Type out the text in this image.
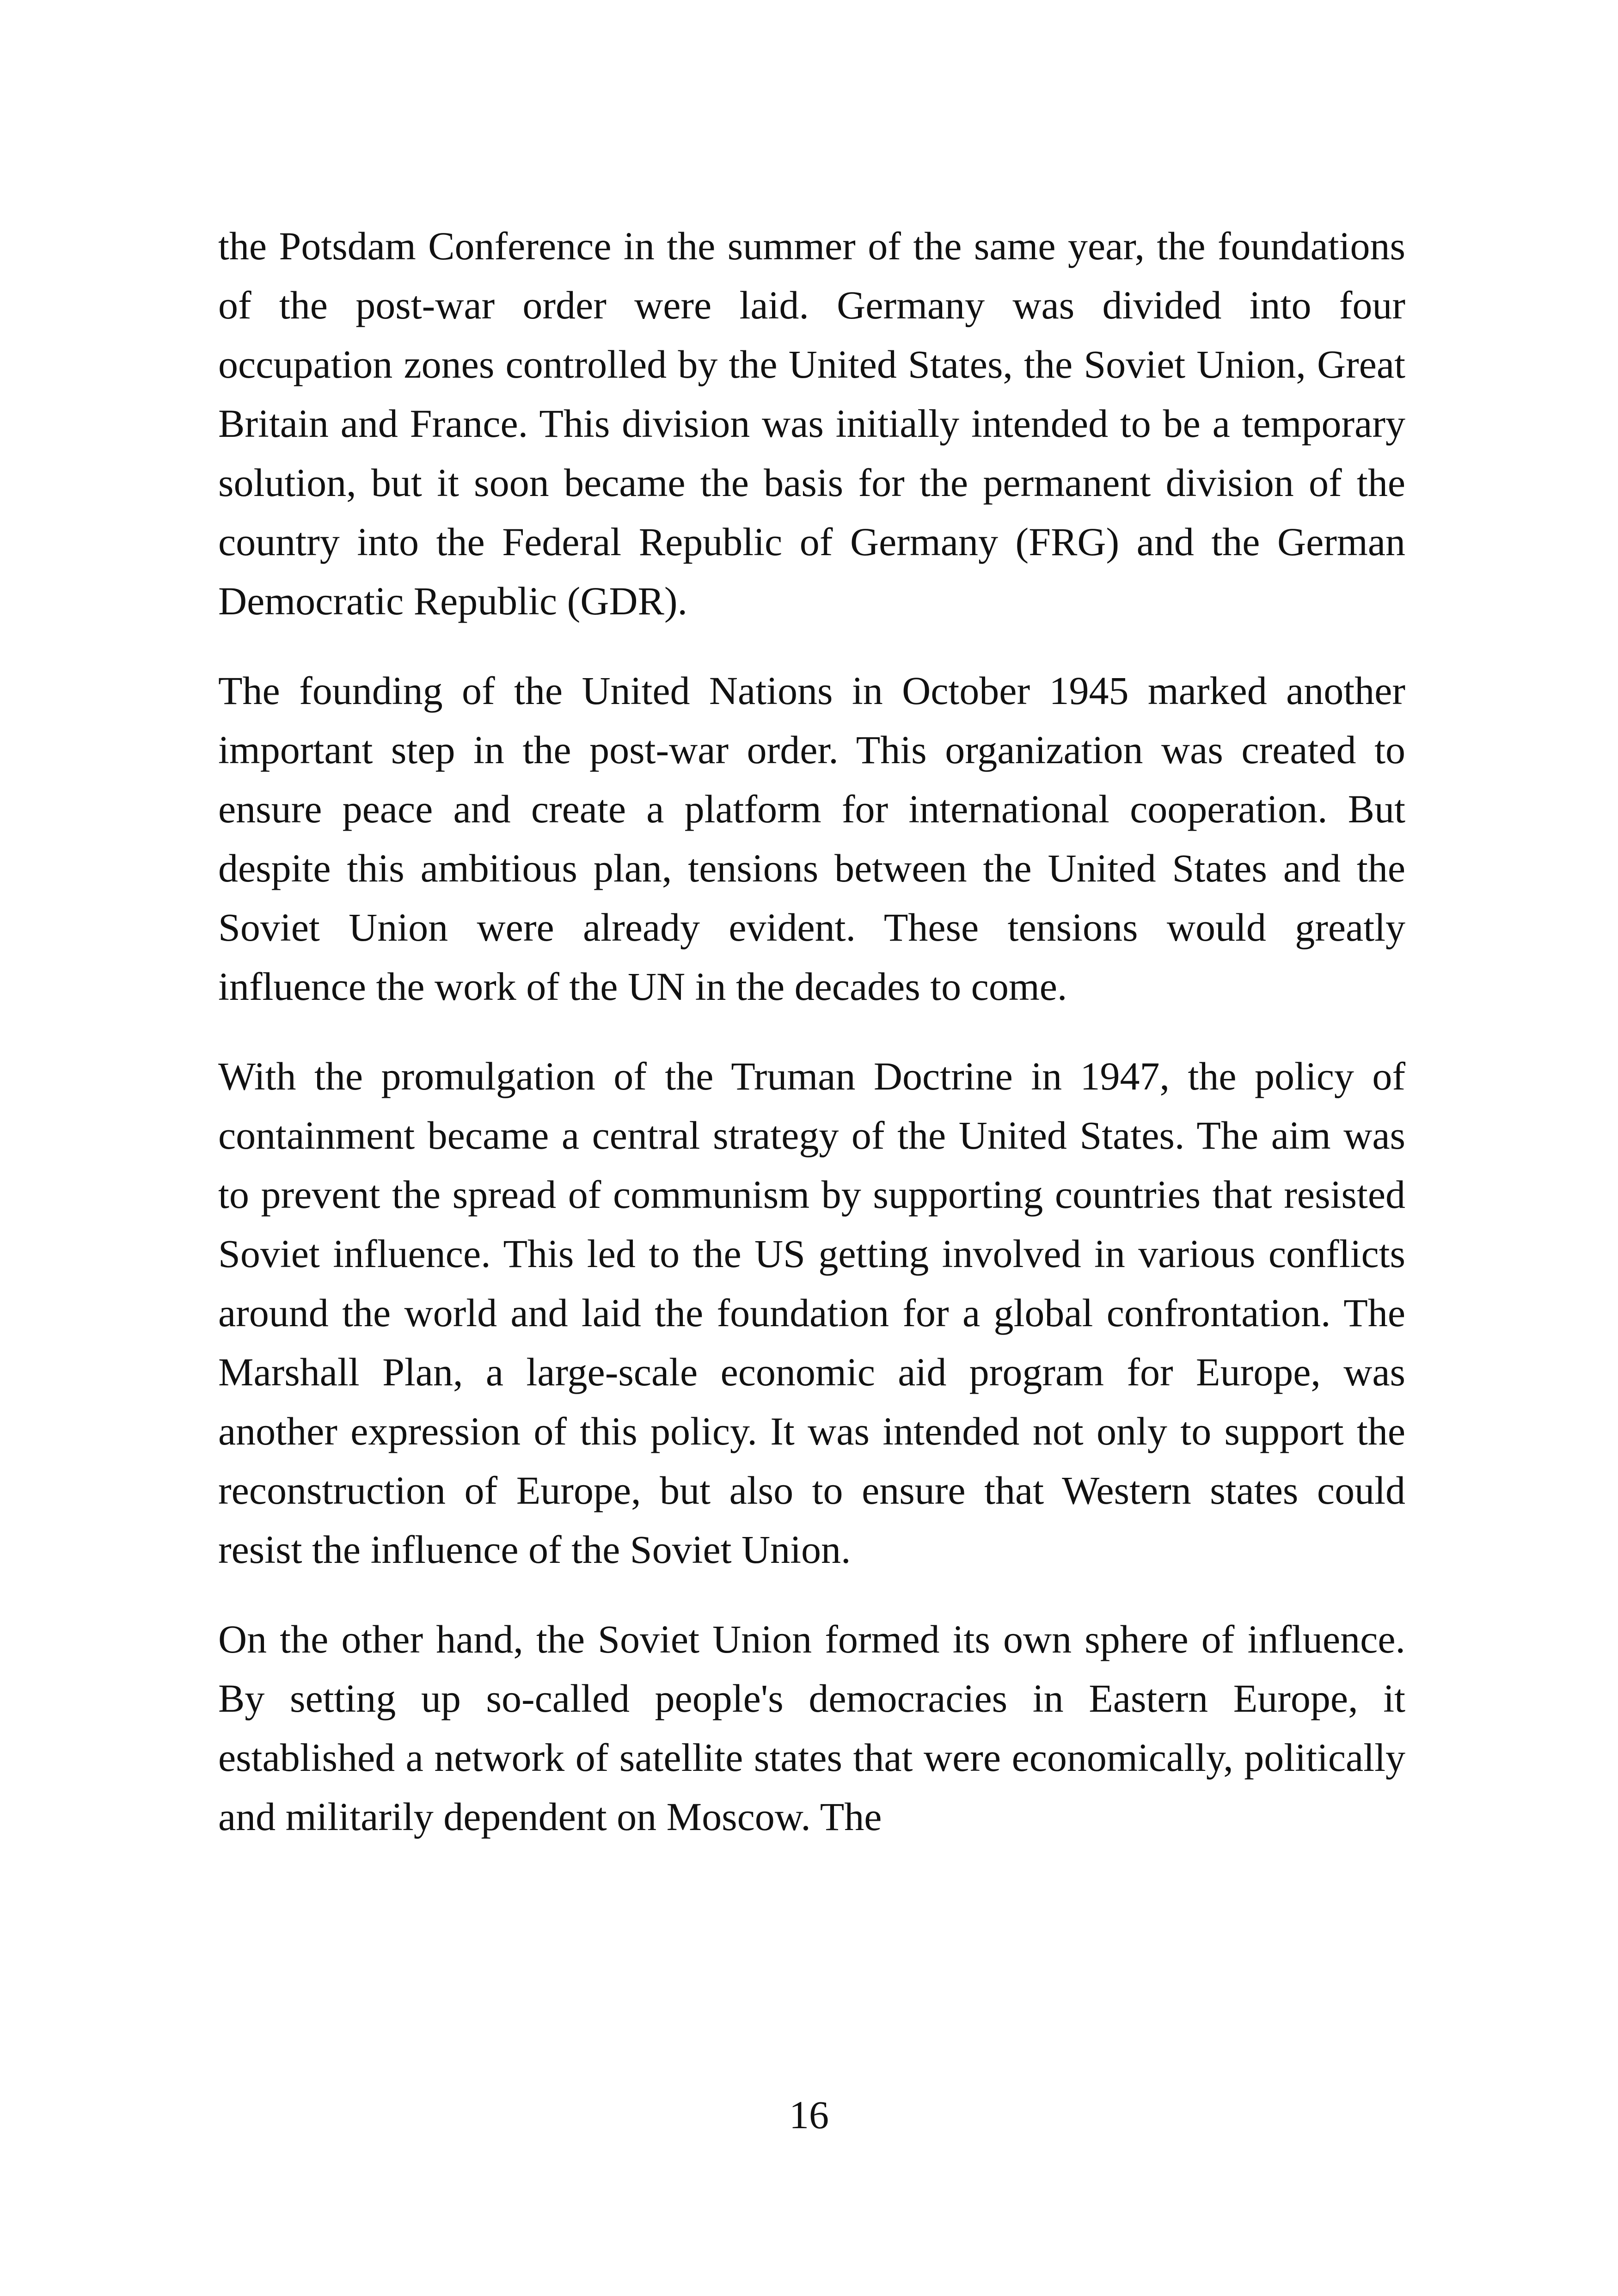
the Potsdam Conference in the summer of the same year, the foundations of the post-war order were laid. Germany was divided into four occupation zones controlled by the United States, the Soviet Union, Great Britain and France. This division was initially intended to be a temporary solution, but it soon became the basis for the permanent division of the country into the Federal Republic of Germany (FRG) and the German Democratic Republic (GDR).

The founding of the United Nations in October 1945 marked another important step in the post-war order. This organization was created to ensure peace and create a platform for international cooperation. But despite this ambitious plan, tensions between the United States and the Soviet Union were already evident. These tensions would greatly influence the work of the UN in the decades to come.

With the promulgation of the Truman Doctrine in 1947, the policy of containment became a central strategy of the United States. The aim was to prevent the spread of communism by supporting countries that resisted Soviet influence. This led to the US getting involved in various conflicts around the world and laid the foundation for a global confrontation. The Marshall Plan, a large-scale economic aid program for Europe, was another expression of this policy. It was intended not only to support the reconstruction of Europe, but also to ensure that Western states could resist the influence of the Soviet Union.

On the other hand, the Soviet Union formed its own sphere of influence. By setting up so-called people's democracies in Eastern Europe, it established a network of satellite states that were economically, politically and militarily dependent on Moscow. The

16
